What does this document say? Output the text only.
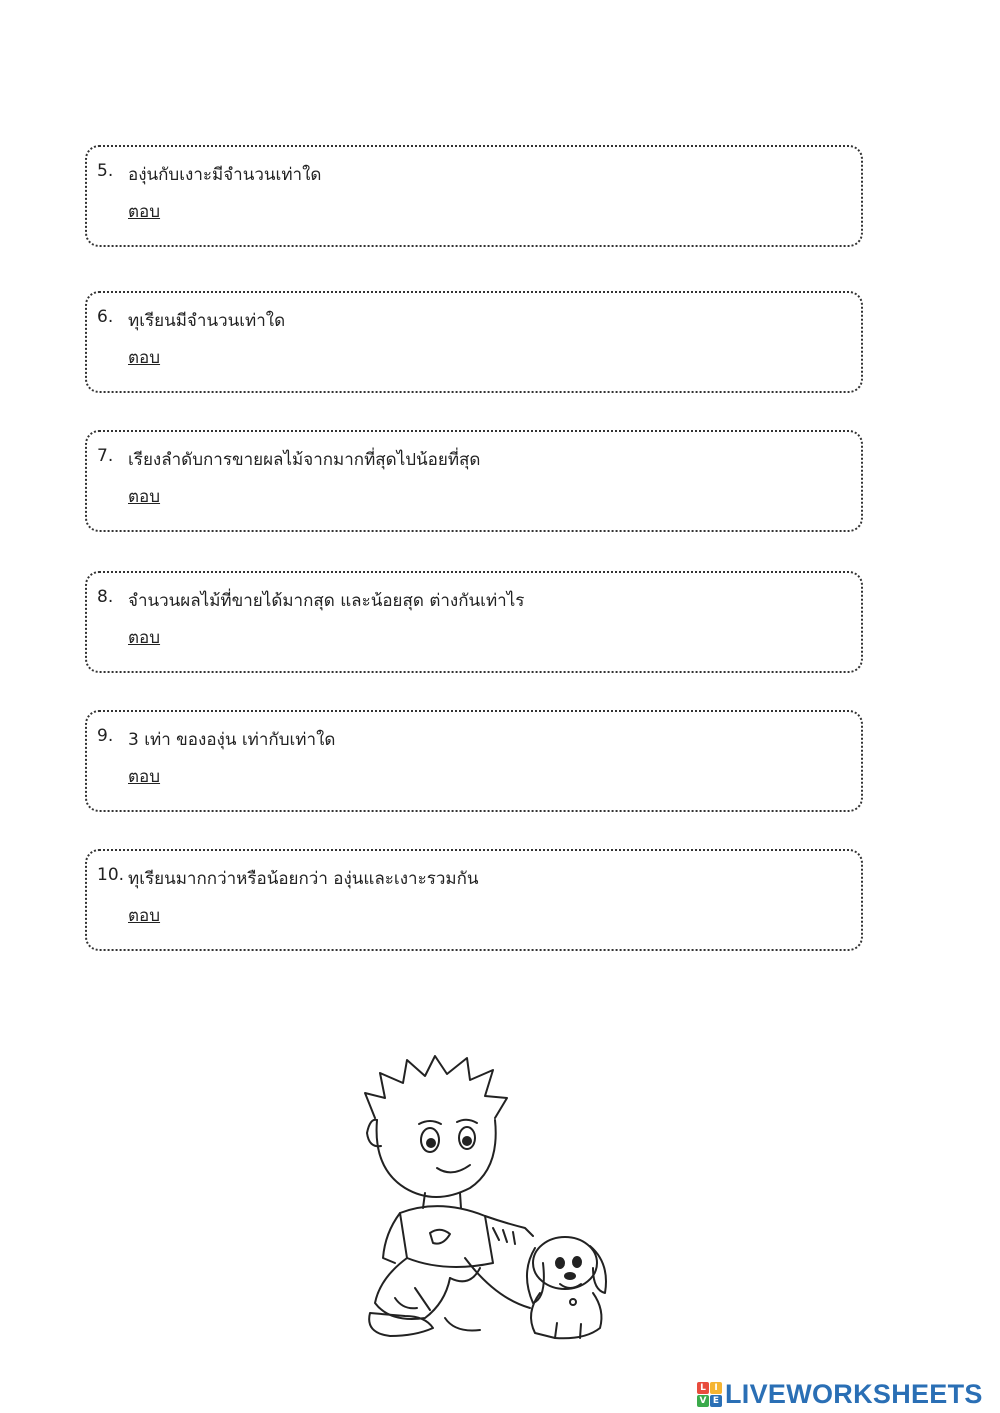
5. องุ่นกับเงาะมีจำนวนเท่าใด
ตอบ
6. ทุเรียนมีจำนวนเท่าใด
ตอบ
7. เรียงลำดับการขายผลไม้จากมากที่สุดไปน้อยที่สุด
ตอบ
8. จำนวนผลไม้ที่ขายได้มากสุด และน้อยสุด ต่างกันเท่าไร
ตอบ
9. 3 เท่า ขององุ่น เท่ากับเท่าใด
ตอบ
10. ทุเรียนมากกว่าหรือน้อยกว่า องุ่นและเงาะรวมกัน
ตอบ
L I
V E LIVEWORKSHEETS
